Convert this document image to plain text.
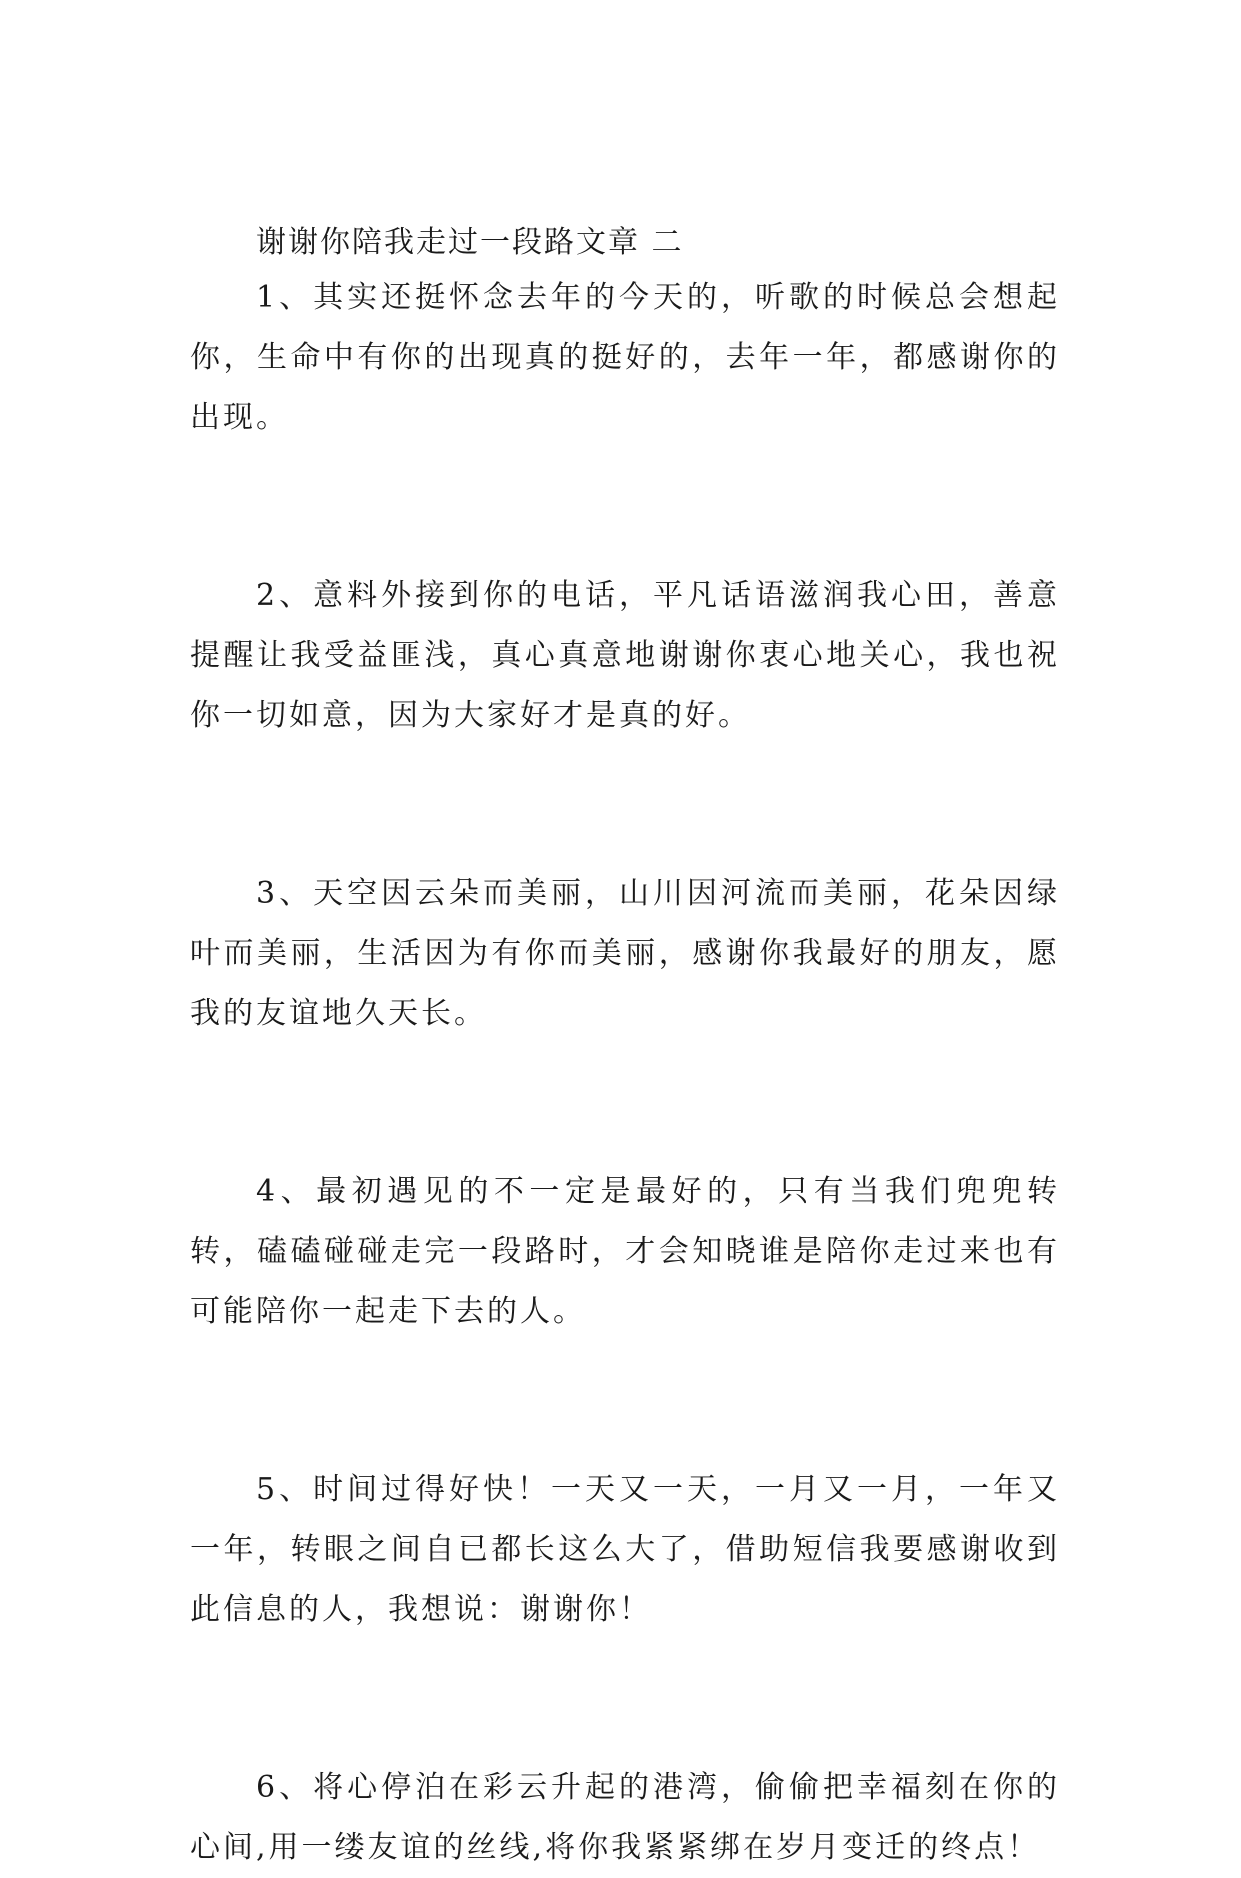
谢谢你陪我走过一段路文章 二

1、其实还挺怀念去年的今天的，听歌的时候总会想起你，生命中有你的出现真的挺好的，去年一年，都感谢你的出现。

2、意料外接到你的电话，平凡话语滋润我心田，善意提醒让我受益匪浅，真心真意地谢谢你衷心地关心，我也祝你一切如意，因为大家好才是真的好。

3、天空因云朵而美丽，山川因河流而美丽，花朵因绿叶而美丽，生活因为有你而美丽，感谢你我最好的朋友，愿我的友谊地久天长。

4、最初遇见的不一定是最好的，只有当我们兜兜转转，磕磕碰碰走完一段路时，才会知晓谁是陪你走过来也有可能陪你一起走下去的人。

5、时间过得好快！一天又一天，一月又一月，一年又一年，转眼之间自已都长这么大了，借助短信我要感谢收到此信息的人，我想说：谢谢你！

6、将心停泊在彩云升起的港湾，偷偷把幸福刻在你的心间,用一缕友谊的丝线,将你我紧紧绑在岁月变迁的终点！
